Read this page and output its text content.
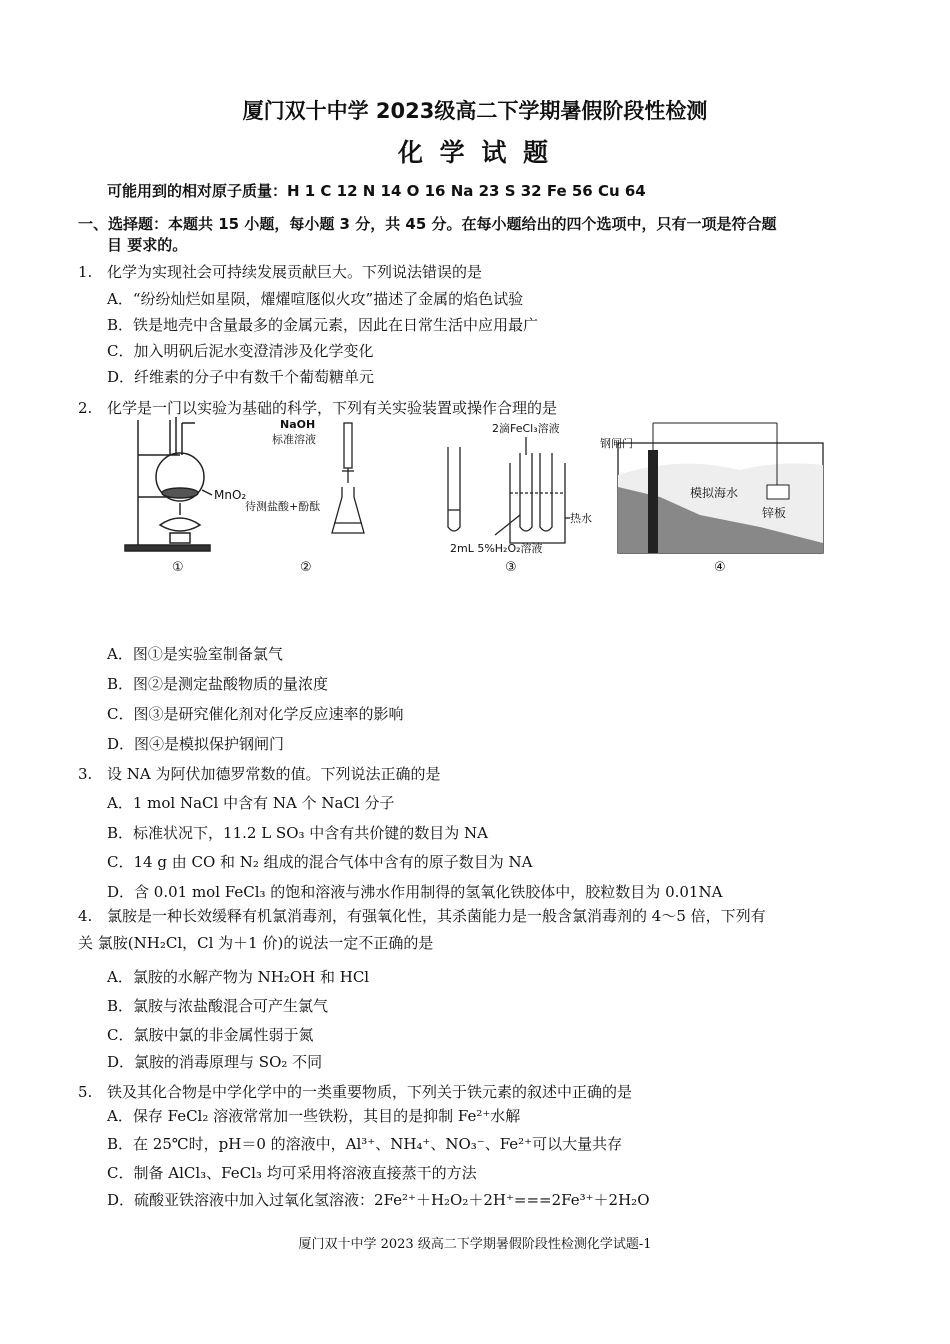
厦门双十中学 2023级高二下学期暑假阶段性检测
化 学 试 题
可能用到的相对原子质量：H 1 C 12 N 14 O 16 Na 23 S 32 Fe 56 Cu 64
一、选择题：本题共 15 小题，每小题 3 分，共 45 分。在每小题给出的四个选项中，只有一项是符合题
目 要求的。
1. 化学为实现社会可持续发展贡献巨大。下列说法错误的是
A．“纷纷灿烂如星陨，燿燿喧豗似火攻”描述了金属的焰色试验
B．铁是地壳中含量最多的金属元素，因此在日常生活中应用最广
C．加入明矾后泥水变澄清涉及化学变化
D．纤维素的分子中有数千个葡萄糖单元
2. 化学是一门以实验为基础的科学，下列有关实验装置或操作合理的是
MnO₂
①
NaOH
标准溶液
待测盐酸+酚酞
②
2滴FeCl₃溶液
热水
2mL 5%H₂O₂溶液
③
钢闸门
模拟海水
锌板
④
A．图①是实验室制备氯气
B．图②是测定盐酸物质的量浓度
C．图③是研究催化剂对化学反应速率的影响
D．图④是模拟保护钢闸门
3. 设 NA 为阿伏加德罗常数的值。下列说法正确的是
A．1 mol NaCl 中含有 NA 个 NaCl 分子
B．标准状况下，11.2 L SO₃ 中含有共价键的数目为 NA
C．14 g 由 CO 和 N₂ 组成的混合气体中含有的原子数目为 NA
D．含 0.01 mol FeCl₃ 的饱和溶液与沸水作用制得的氢氧化铁胶体中，胶粒数目为 0.01NA
4. 氯胺是一种长效缓释有机氯消毒剂，有强氧化性，其杀菌能力是一般含氯消毒剂的 4～5 倍，下列有
关 氯胺(NH₂Cl，Cl 为＋1 价)的说法一定不正确的是
A．氯胺的水解产物为 NH₂OH 和 HCl
B．氯胺与浓盐酸混合可产生氯气
C．氯胺中氯的非金属性弱于氮
D．氯胺的消毒原理与 SO₂ 不同
5. 铁及其化合物是中学化学中的一类重要物质，下列关于铁元素的叙述中正确的是
A．保存 FeCl₂ 溶液常常加一些铁粉，其目的是抑制 Fe²⁺水解
B．在 25℃时，pH＝0 的溶液中，Al³⁺、NH₄⁺、NO₃⁻、Fe²⁺可以大量共存
C．制备 AlCl₃、FeCl₃ 均可采用将溶液直接蒸干的方法
D．硫酸亚铁溶液中加入过氧化氢溶液：2Fe²⁺＋H₂O₂＋2H⁺===2Fe³⁺＋2H₂O
厦门双十中学 2023 级高二下学期暑假阶段性检测化学试题-1
